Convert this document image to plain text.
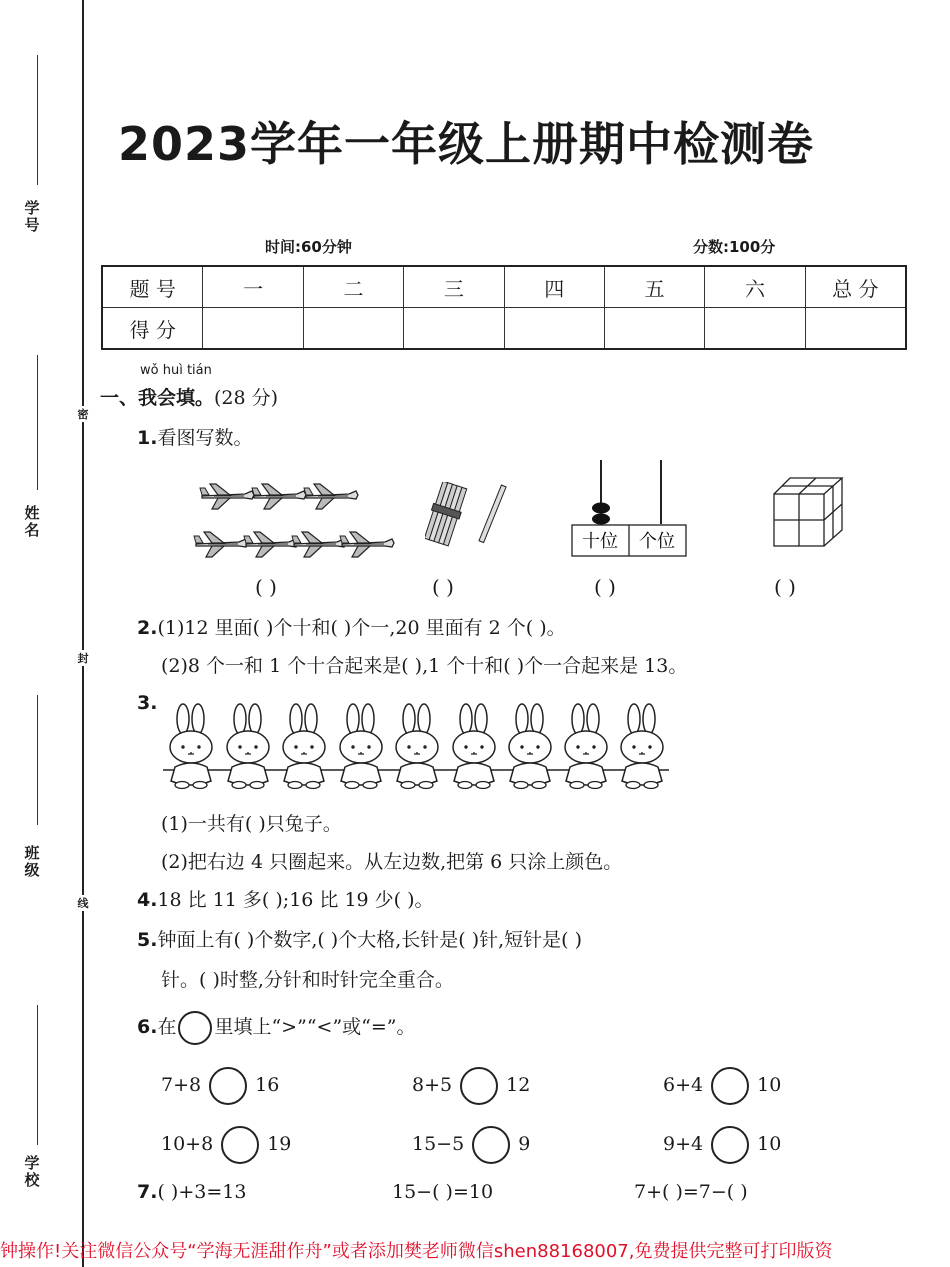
学号
姓名
班级
学校
密
封
线
2023学年一年级上册期中检测卷
时间:60分钟	分数:100分
题 号	一	二	三	四	五	六	总 分
得 分							
wǒ huì tián
一、我会填。(28 分)
1.看图写数。
十位 个位
( )	( )	( )	( )
2.(1)12 里面( )个十和( )个一,20 里面有 2 个( )。
(2)8 个一和 1 个十合起来是( ),1 个十和( )个一合起来是 13。
3.
(1)一共有( )只兔子。
(2)把右边 4 只圈起来。从左边数,把第 6 只涂上颜色。
4.18 比 11 多( );16 比 19 少( )。
5.钟面上有( )个数字,( )个大格,长针是( )针,短针是( )
针。( )时整,分针和时针完全重合。
6.在 里填上“>”“<”或“=”。
7+8	16	8+5	12	6+4	10
10+8	19	15−5	9	9+4	10
7.( )+3=13	15−( )=10	7+( )=7−( )
钟操作!关注微信公众号“学海无涯甜作舟”或者添加樊老师微信shen88168007,免费提供完整可打印版资
